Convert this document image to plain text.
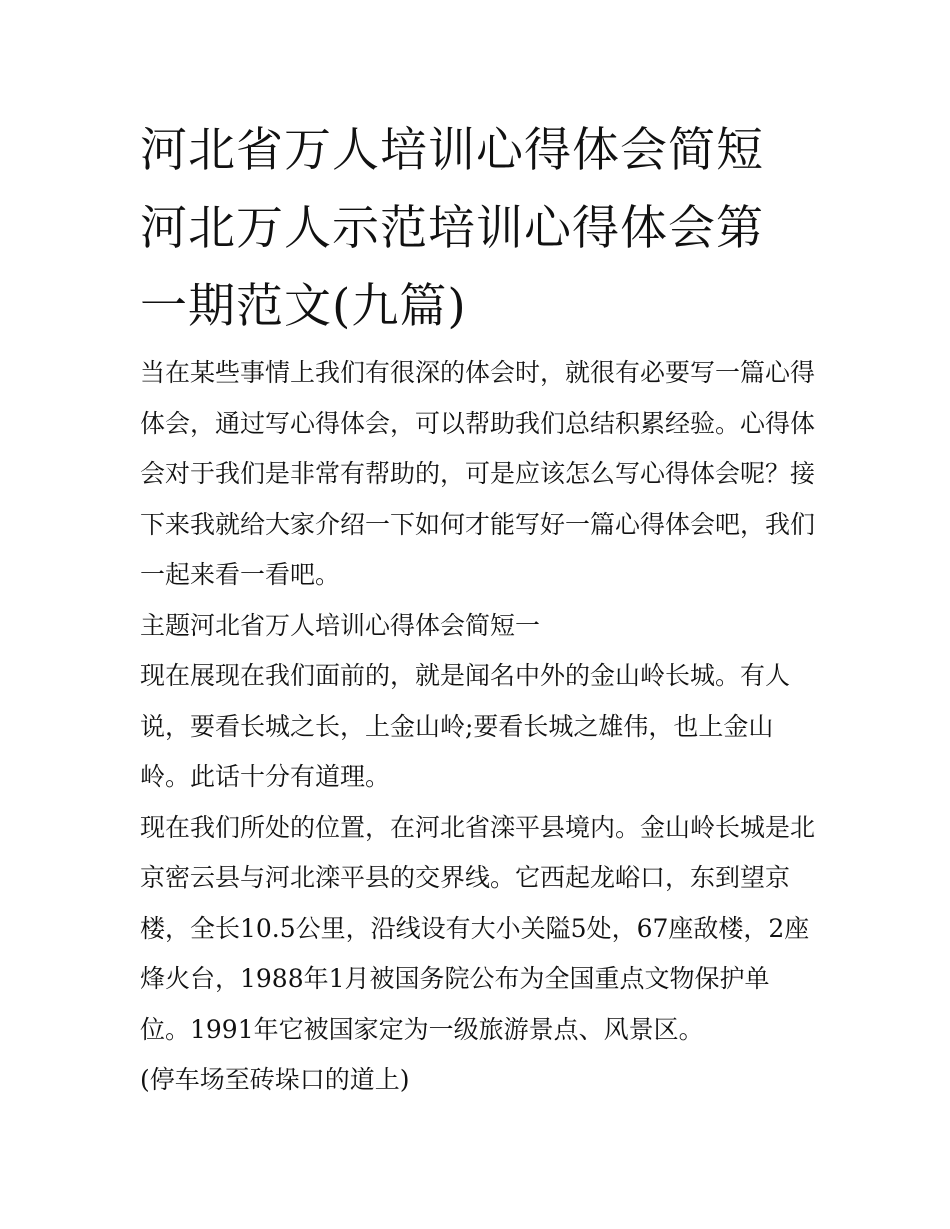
河北省万人培训心得体会简短
河北万人示范培训心得体会第
一期范文(九篇)

当在某些事情上我们有很深的体会时，就很有必要写一篇心得
体会，通过写心得体会，可以帮助我们总结积累经验。心得体
会对于我们是非常有帮助的，可是应该怎么写心得体会呢？接
下来我就给大家介绍一下如何才能写好一篇心得体会吧，我们
一起来看一看吧。

主题河北省万人培训心得体会简短一

现在展现在我们面前的，就是闻名中外的金山岭长城。有人
说，要看长城之长，上金山岭;要看长城之雄伟，也上金山
岭。此话十分有道理。

现在我们所处的位置，在河北省滦平县境内。金山岭长城是北
京密云县与河北滦平县的交界线。它西起龙峪口，东到望京
楼，全长10.5公里，沿线设有大小关隘5处，67座敌楼，2座
烽火台，1988年1月被国务院公布为全国重点文物保护单
位。1991年它被国家定为一级旅游景点、风景区。

(停车场至砖垛口的道上)
